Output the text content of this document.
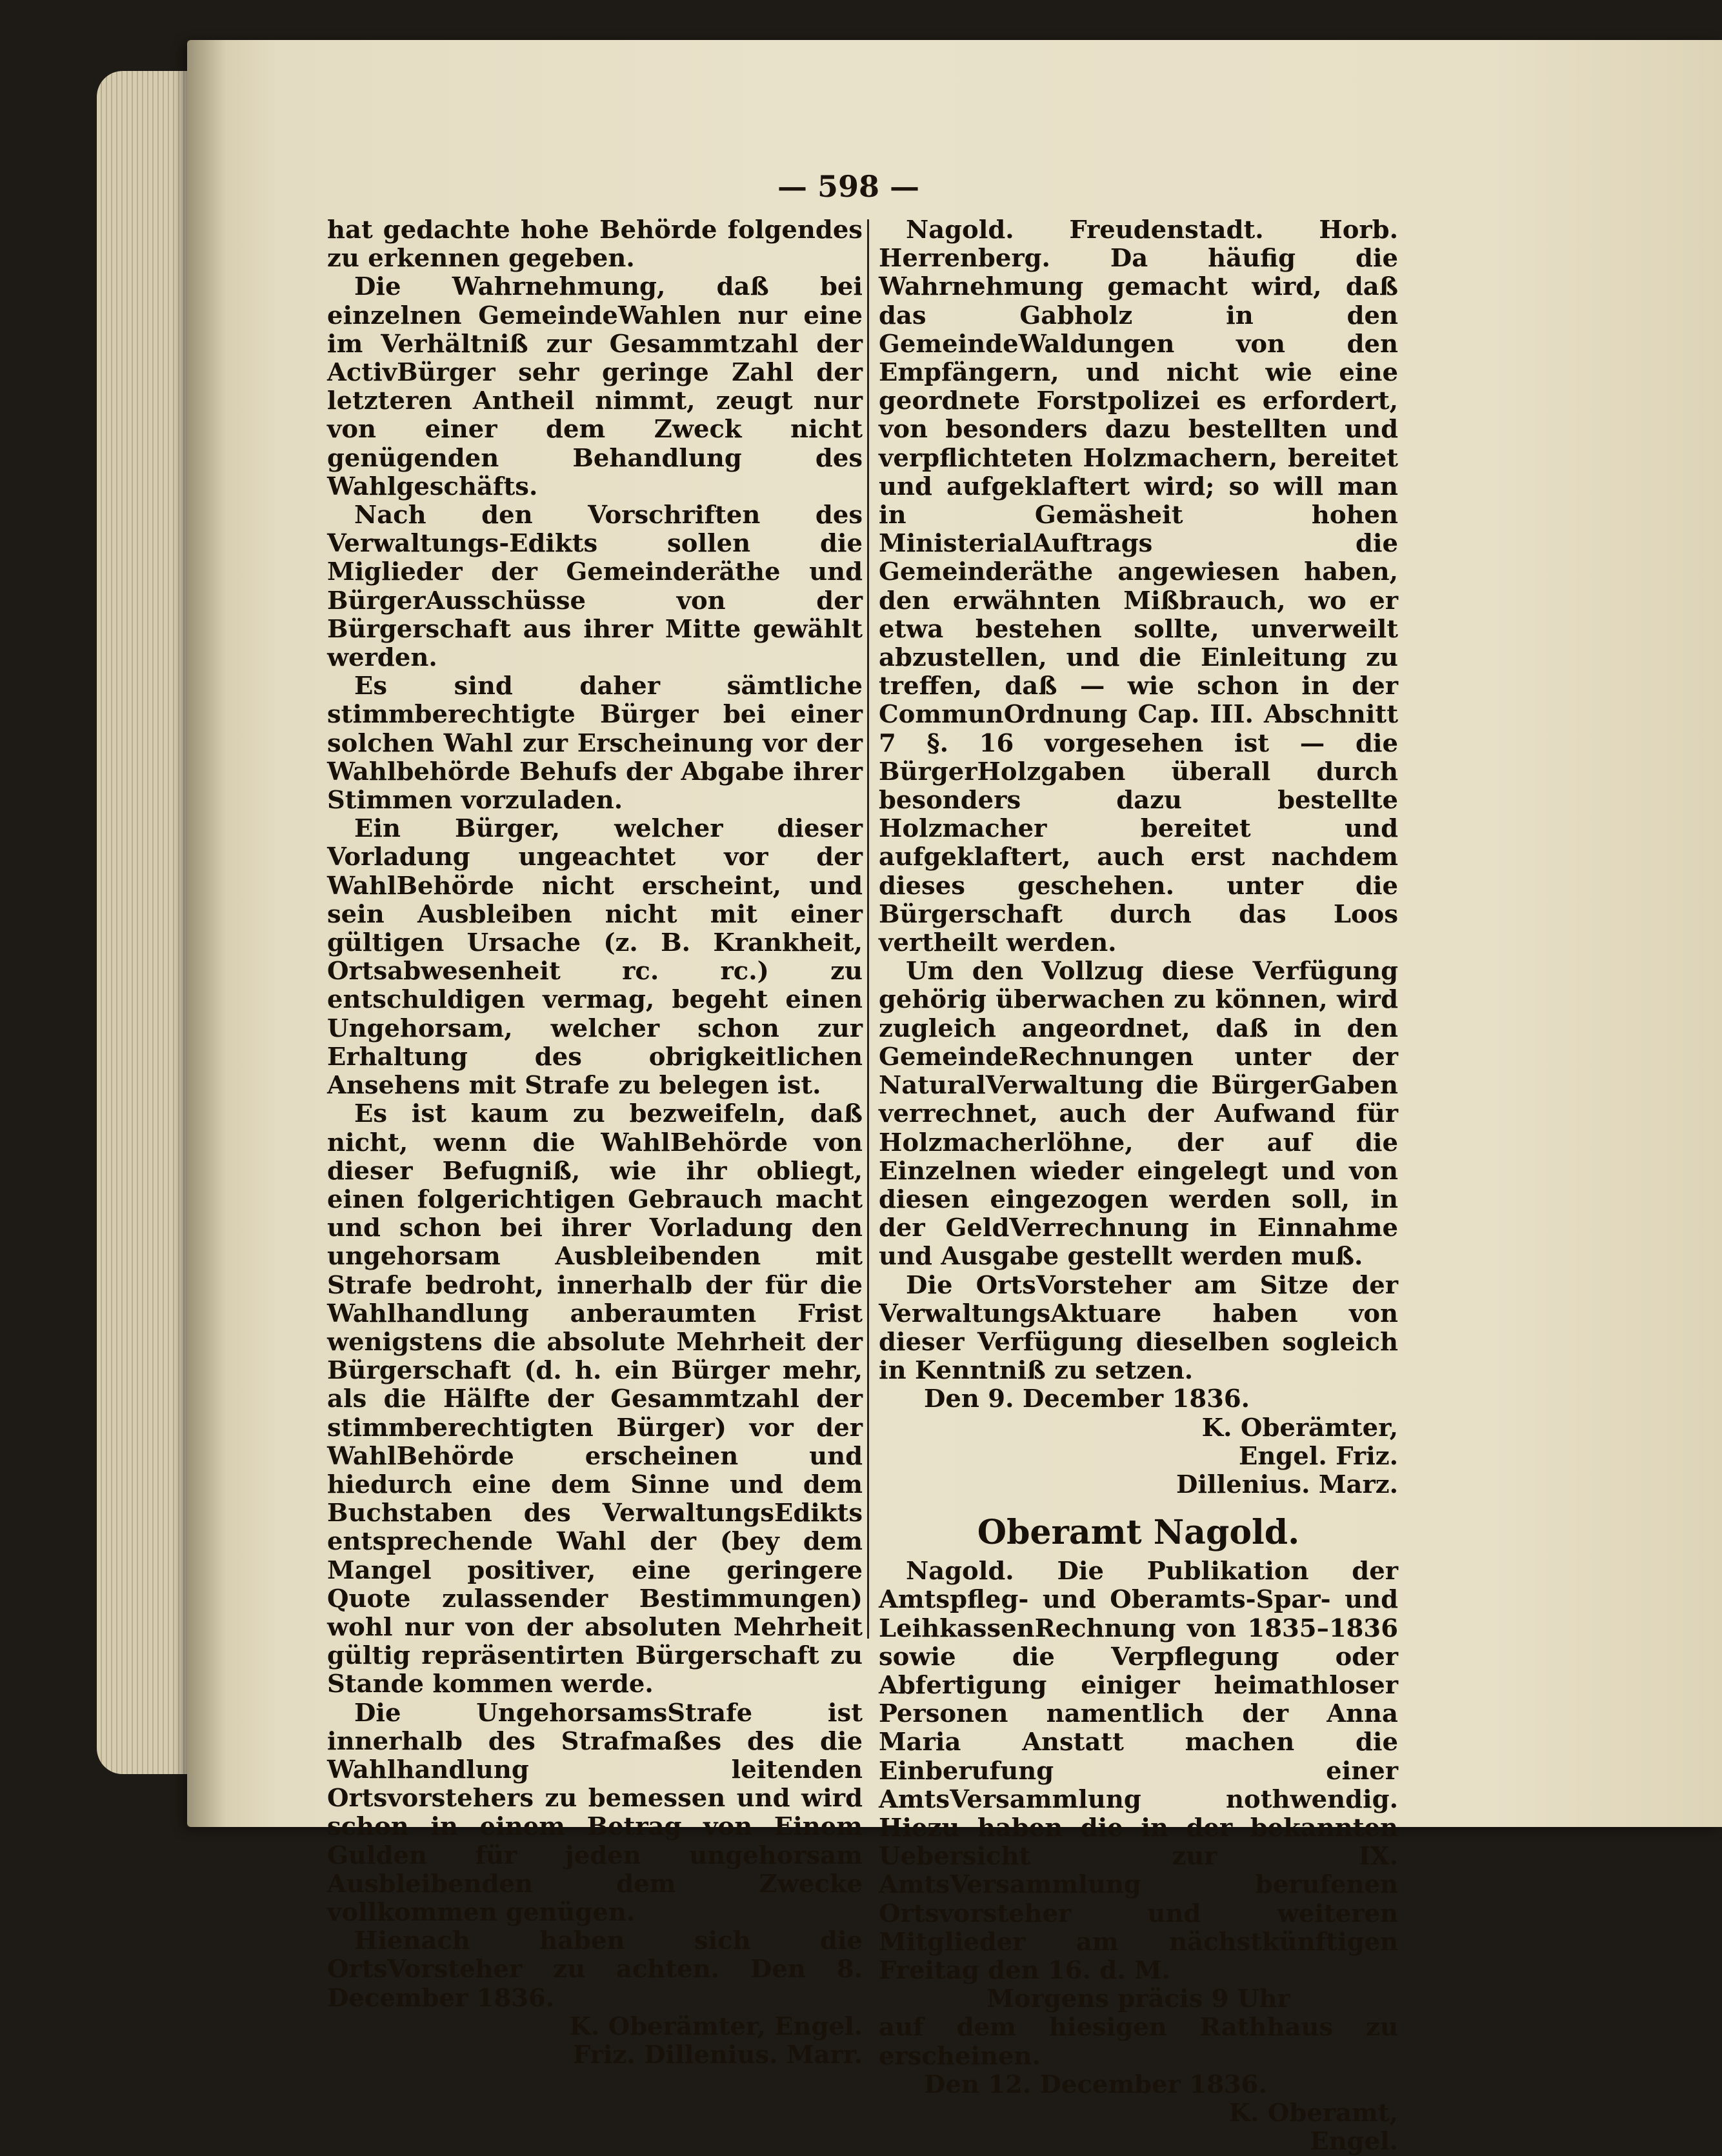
— 598 —

hat gedachte hohe Behörde folgendes zu erkennen gegeben.

Die Wahrnehmung, daß bei einzelnen GemeindeWahlen nur eine im Verhältniß zur Gesammtzahl der ActivBürger sehr geringe Zahl der letzteren Antheil nimmt, zeugt nur von einer dem Zweck nicht genügenden Behandlung des Wahlgeschäfts.

Nach den Vorschriften des Verwaltungs-Edikts sollen die Miglieder der Gemeinderäthe und BürgerAusschüsse von der Bürgerschaft aus ihrer Mitte gewählt werden.

Es sind daher sämtliche stimmberechtigte Bürger bei einer solchen Wahl zur Erscheinung vor der Wahlbehörde Behufs der Abgabe ihrer Stimmen vorzuladen.

Ein Bürger, welcher dieser Vorladung ungeachtet vor der WahlBehörde nicht erscheint, und sein Ausbleiben nicht mit einer gültigen Ursache (z. B. Krankheit, Ortsabwesenheit rc. rc.) zu entschuldigen vermag, begeht einen Ungehorsam, welcher schon zur Erhaltung des obrigkeitlichen Ansehens mit Strafe zu belegen ist.

Es ist kaum zu bezweifeln, daß nicht, wenn die WahlBehörde von dieser Befugniß, wie ihr obliegt, einen folgerichtigen Gebrauch macht und schon bei ihrer Vorladung den ungehorsam Ausbleibenden mit Strafe bedroht, innerhalb der für die Wahlhandlung anberaumten Frist wenigstens die absolute Mehrheit der Bürgerschaft (d. h. ein Bürger mehr, als die Hälfte der Gesammtzahl der stimmberechtigten Bürger) vor der WahlBehörde erscheinen und hiedurch eine dem Sinne und dem Buchstaben des VerwaltungsEdikts entsprechende Wahl der (bey dem Mangel positiver, eine geringere Quote zulassender Bestimmungen) wohl nur von der absoluten Mehrheit gültig repräsentirten Bürgerschaft zu Stande kommen werde.

Die UngehorsamsStrafe ist innerhalb des Strafmaßes des die Wahlhandlung leitenden Ortsvorstehers zu bemessen und wird schon in einem Betrag von Einem Gulden für jeden ungehorsam Ausbleibenden dem Zwecke vollkommen genügen.

Hienach haben sich die OrtsVorsteher zu achten. Den 8. December 1836.

K. Oberämter, Engel.

Friz. Dillenius. Marr.

Nagold. Freudenstadt. Horb. Herrenberg. Da häufig die Wahrnehmung gemacht wird, daß das Gabholz in den GemeindeWaldungen von den Empfängern, und nicht wie eine geordnete Forstpolizei es erfordert, von besonders dazu bestellten und verpflichteten Holzmachern, bereitet und aufgeklaftert wird; so will man in Gemäsheit hohen MinisterialAuftrags die Gemeinderäthe angewiesen haben, den erwähnten Mißbrauch, wo er etwa bestehen sollte, unverweilt abzustellen, und die Einleitung zu treffen, daß — wie schon in der CommunOrdnung Cap. III. Abschnitt 7 §. 16 vorgesehen ist — die BürgerHolzgaben überall durch besonders dazu bestellte Holzmacher bereitet und aufgeklaftert, auch erst nachdem dieses geschehen. unter die Bürgerschaft durch das Loos vertheilt werden.

Um den Vollzug diese Verfügung gehörig überwachen zu können, wird zugleich angeordnet, daß in den GemeindeRechnungen unter der NaturalVerwaltung die BürgerGaben verrechnet, auch der Aufwand für Holzmacherlöhne, der auf die Einzelnen wieder eingelegt und von diesen eingezogen werden soll, in der GeldVerrechnung in Einnahme und Ausgabe gestellt werden muß.

Die OrtsVorsteher am Sitze der VerwaltungsAktuare haben von dieser Verfügung dieselben sogleich in Kenntniß zu setzen.

Den 9. December 1836.

K. Oberämter,

Engel. Friz.

Dillenius. Marz.

Oberamt Nagold.

Nagold. Die Publikation der Amtspfleg- und Oberamts-Spar- und LeihkassenRechnung von 1835–1836 sowie die Verpflegung oder Abfertigung einiger heimathloser Personen namentlich der Anna Maria Anstatt machen die Einberufung einer AmtsVersammlung nothwendig. Hiezu haben die in der bekannten Uebersicht zur IX. AmtsVersammlung berufenen Ortsvorsteher und weiteren Mitglieder am nächstkünftigen Freitag den 16. d. M.

Morgens präcis 9 Uhr

auf dem hiesigen Rathhaus zu erscheinen.

Den 12. December 1836.

K. Oberamt,

Engel.
